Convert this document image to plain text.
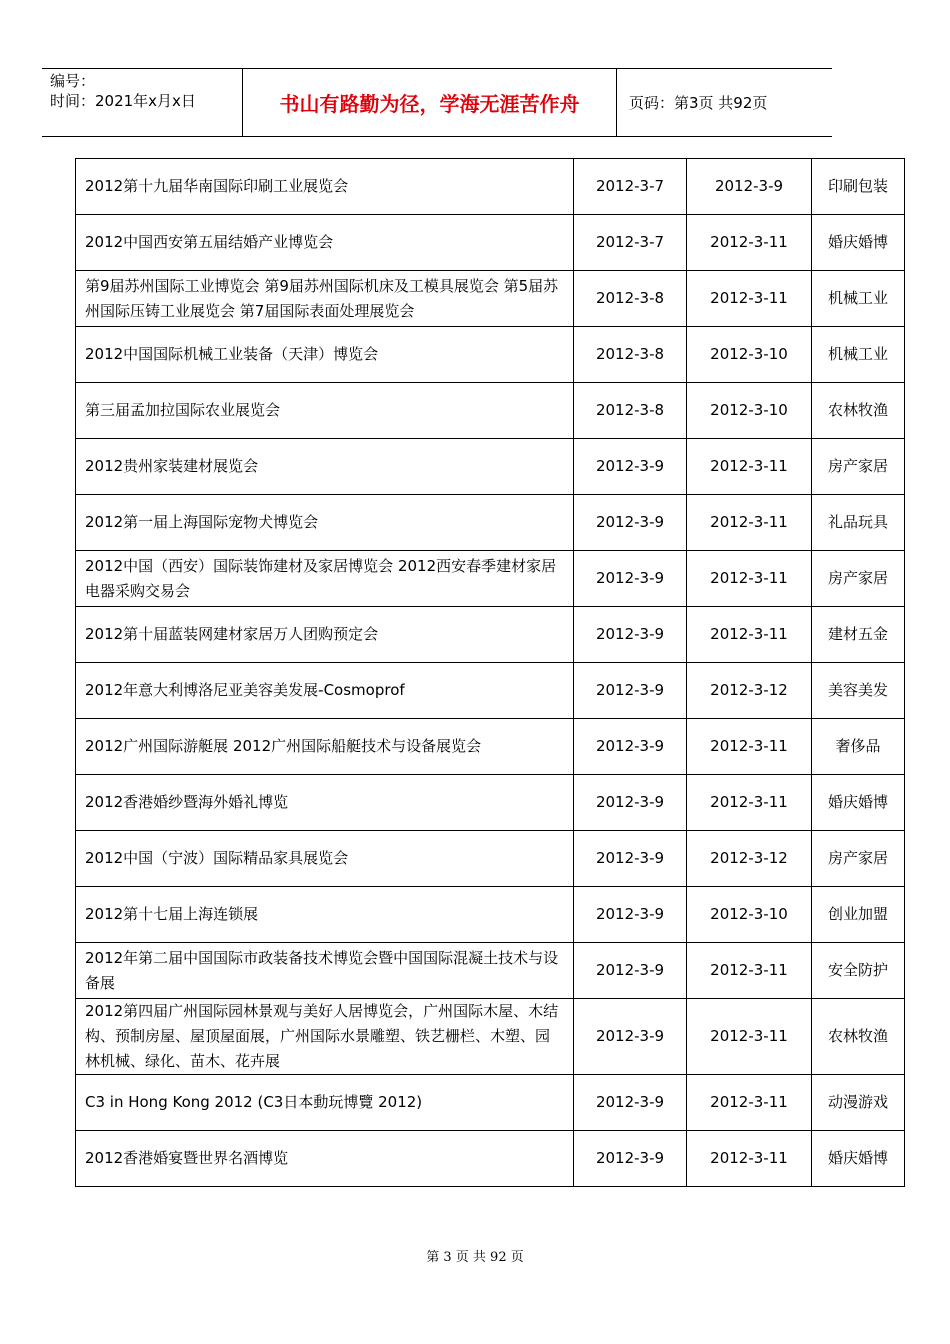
编号：
时间：2021年x月x日	书山有路勤为径，学海无涯苦作舟	页码：第3页 共92页
2012第十九届华南国际印刷工业展览会	2012-3-7	2012-3-9	印刷包装
2012中国西安第五届结婚产业博览会	2012-3-7	2012-3-11	婚庆婚博
第9届苏州国际工业博览会 第9届苏州国际机床及工模具展览会 第5届苏州国际压铸工业展览会 第7届国际表面处理展览会	2012-3-8	2012-3-11	机械工业
2012中国国际机械工业装备（天津）博览会	2012-3-8	2012-3-10	机械工业
第三届孟加拉国际农业展览会	2012-3-8	2012-3-10	农林牧渔
2012贵州家装建材展览会	2012-3-9	2012-3-11	房产家居
2012第一届上海国际宠物犬博览会	2012-3-9	2012-3-11	礼品玩具
2012中国（西安）国际装饰建材及家居博览会 2012西安春季建材家居电器采购交易会	2012-3-9	2012-3-11	房产家居
2012第十届蓝装网建材家居万人团购预定会	2012-3-9	2012-3-11	建材五金
2012年意大利博洛尼亚美容美发展-Cosmoprof	2012-3-9	2012-3-12	美容美发
2012广州国际游艇展 2012广州国际船艇技术与设备展览会	2012-3-9	2012-3-11	奢侈品
2012香港婚纱暨海外婚礼博览	2012-3-9	2012-3-11	婚庆婚博
2012中国（宁波）国际精品家具展览会	2012-3-9	2012-3-12	房产家居
2012第十七届上海连锁展	2012-3-9	2012-3-10	创业加盟
2012年第二届中国国际市政装备技术博览会暨中国国际混凝土技术与设备展	2012-3-9	2012-3-11	安全防护
2012第四届广州国际园林景观与美好人居博览会，广州国际木屋、木结构、预制房屋、屋顶屋面展，广州国际水景雕塑、铁艺栅栏、木塑、园林机械、绿化、苗木、花卉展	2012-3-9	2012-3-11	农林牧渔
C3 in Hong Kong 2012 (C3日本動玩博覽 2012)	2012-3-9	2012-3-11	动漫游戏
2012香港婚宴暨世界名酒博览	2012-3-9	2012-3-11	婚庆婚博
第 3 页 共 92 页
